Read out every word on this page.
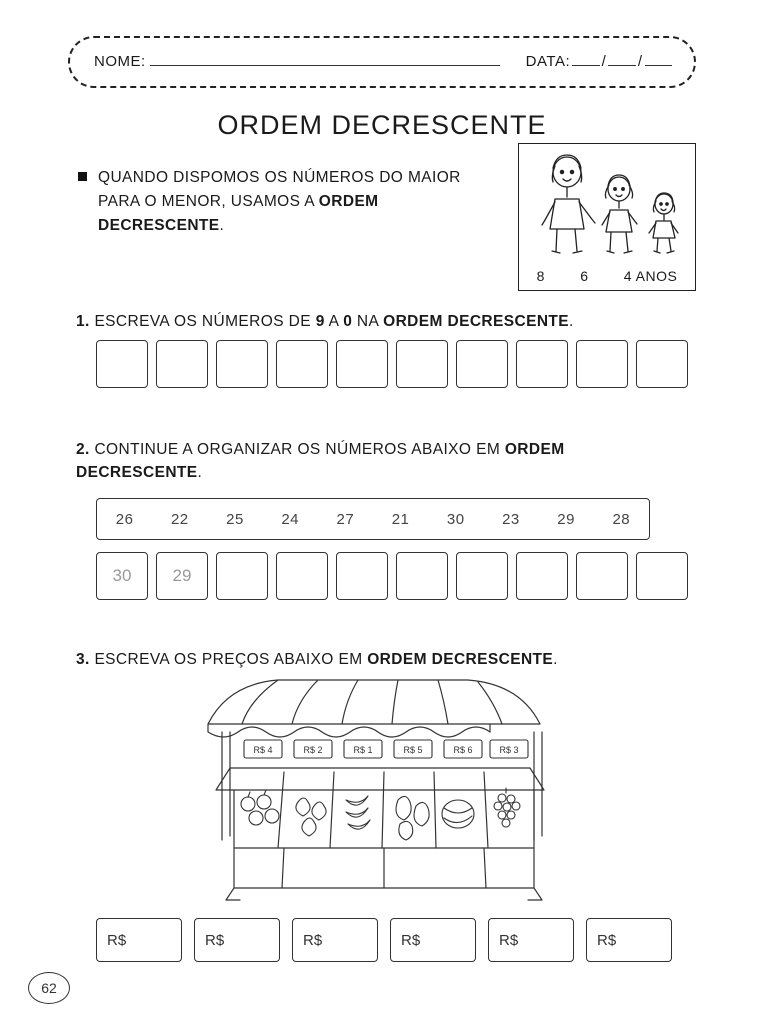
NOME:	DATA: / /
ORDEM DECRESCENTE
QUANDO DISPOMOS OS NÚMEROS DO MAIOR PARA O MENOR, USAMOS A ORDEM DECRESCENTE.
8	6	4 ANOS
1. ESCREVA OS NÚMEROS DE 9 A 0 NA ORDEM DECRESCENTE.
2. CONTINUE A ORGANIZAR OS NÚMEROS ABAIXO EM ORDEM DECRESCENTE.
26	22	25	24	27	21	30	23	29	28
30	29
3. ESCREVA OS PREÇOS ABAIXO EM ORDEM DECRESCENTE.
R$ 4	R$ 2	R$ 1	R$ 5	R$ 6	R$ 3
R$	R$	R$	R$	R$	R$
62
